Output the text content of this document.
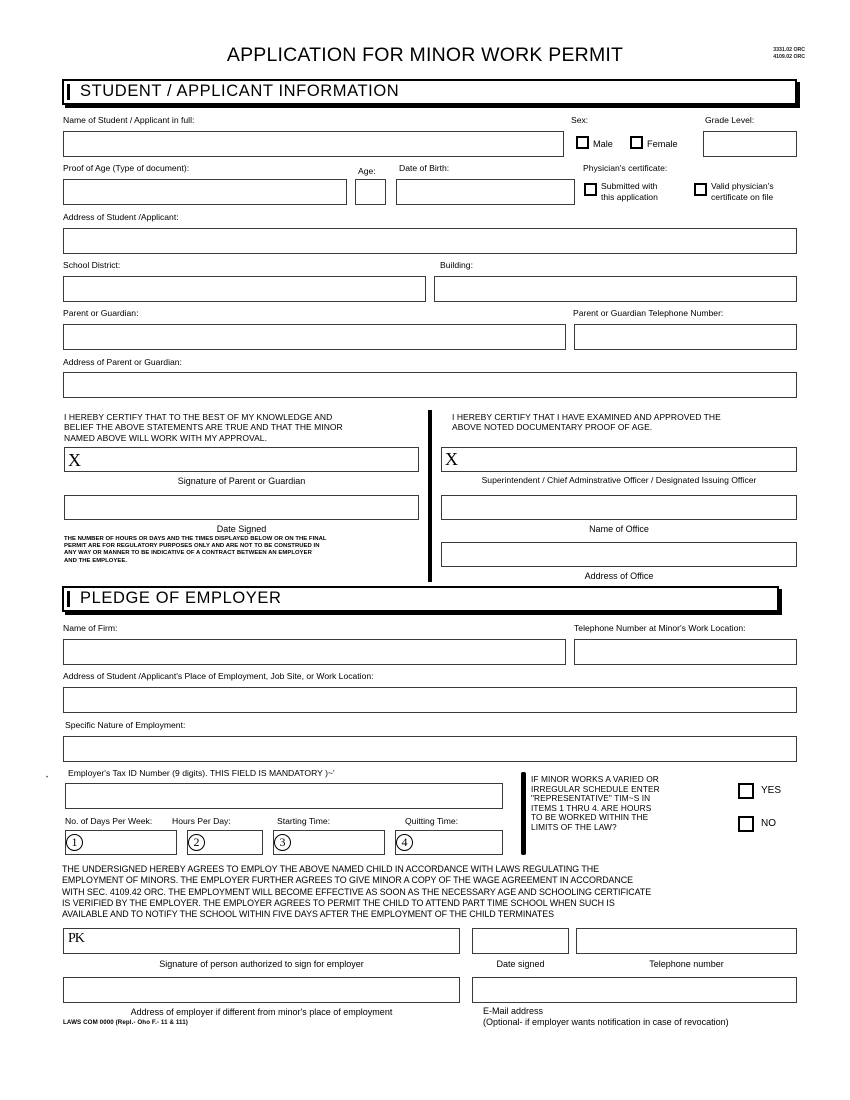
APPLICATION FOR MINOR WORK PERMIT	3331.02 ORC
4109.02 ORC
STUDENT / APPLICANT INFORMATION
Name of Student / Applicant in full:	Sex:
Male	Female
Grade Level:
Proof of Age (Type of document):	Age:	Date of Birth:	Physician's certificate:
Submitted with
this application
Valid physician's
certificate on file
Address of Student /Applicant:
School District:	Building:
Parent or Guardian:	Parent or Guardian Telephone Number:
Address of Parent or Guardian:
I HEREBY CERTIFY THAT TO THE BEST OF MY KNOWLEDGE AND
BELIEF THE ABOVE STATEMENTS ARE TRUE AND THAT THE MINOR
NAMED ABOVE WILL WORK WITH MY APPROVAL.
X
Signature of Parent or Guardian
Date Signed
THE NUMBER OF HOURS OR DAYS AND THE TIMES DISPLAYED BELOW OR ON THE FINAL
PERMIT ARE FOR REGULATORY PURPOSES ONLY AND ARE NOT TO BE CONSTRUED IN
ANY WAY OR MANNER TO BE INDICATIVE OF A CONTRACT BETWEEN AN EMPLOYER
AND THE EMPLOYEE.
I HEREBY CERTIFY THAT I HAVE EXAMINED AND APPROVED THE
ABOVE NOTED DOCUMENTARY PROOF OF AGE.
X
Superintendent / Chief Adminstrative Officer / Designated Issuing Officer
Name of Office
Address of Office
PLEDGE OF EMPLOYER
Name of Firm:	Telephone Number at Minor's Work Location:
Address of Student /Applicant's Place of Employment, Job Site, or Work Location:
Specific Nature of Employment:
• Employer's Tax ID Number (9 digits). THIS FIELD IS MANDATORY )~'
No. of Days Per Week: Hours Per Day:	Starting Time:	Quitting Time:
1	2	3	4
IF MINOR WORKS A VARIED OR
IRREGULAR SCHEDULE ENTER
"REPRESENTATIVE" TIM~S IN
ITEMS 1 THRU 4. ARE HOURS
TO BE WORKED WITHIN THE
LIMITS OF THE LAW?
YES
NO
THE UNDERSIGNED HEREBY AGREES TO EMPLOY THE ABOVE NAMED CHILD IN ACCORDANCE WITH LAWS REGULATING THE
EMPLOYMENT OF MINORS. THE EMPLOYER FURTHER AGREES TO GIVE MINOR A COPY OF THE WAGE AGREEMENT IN ACCORDANCE
WITH SEC. 4109.42 ORC. THE EMPLOYMENT WILL BECOME EFFECTIVE AS SOON AS THE NECESSARY AGE AND SCHOOLING CERTIFICATE
IS VERIFIED BY THE EMPLOYER. THE EMPLOYER AGREES TO PERMIT THE CHILD TO ATTEND PART TIME SCHOOL WHEN SUCH IS
AVAILABLE AND TO NOTIFY THE SCHOOL WITHIN FIVE DAYS AFTER THE EMPLOYMENT OF THE CHILD TERMINATES
PK
Signature of person authorized to sign for employer	Date signed	Telephone number
Address of employer if different from minor's place of employment	E-Mail address
(Optional- if employer wants notification in case of revocation)
LAWS COM 0000 (Repl.- Oho F.- 11 & 111)
